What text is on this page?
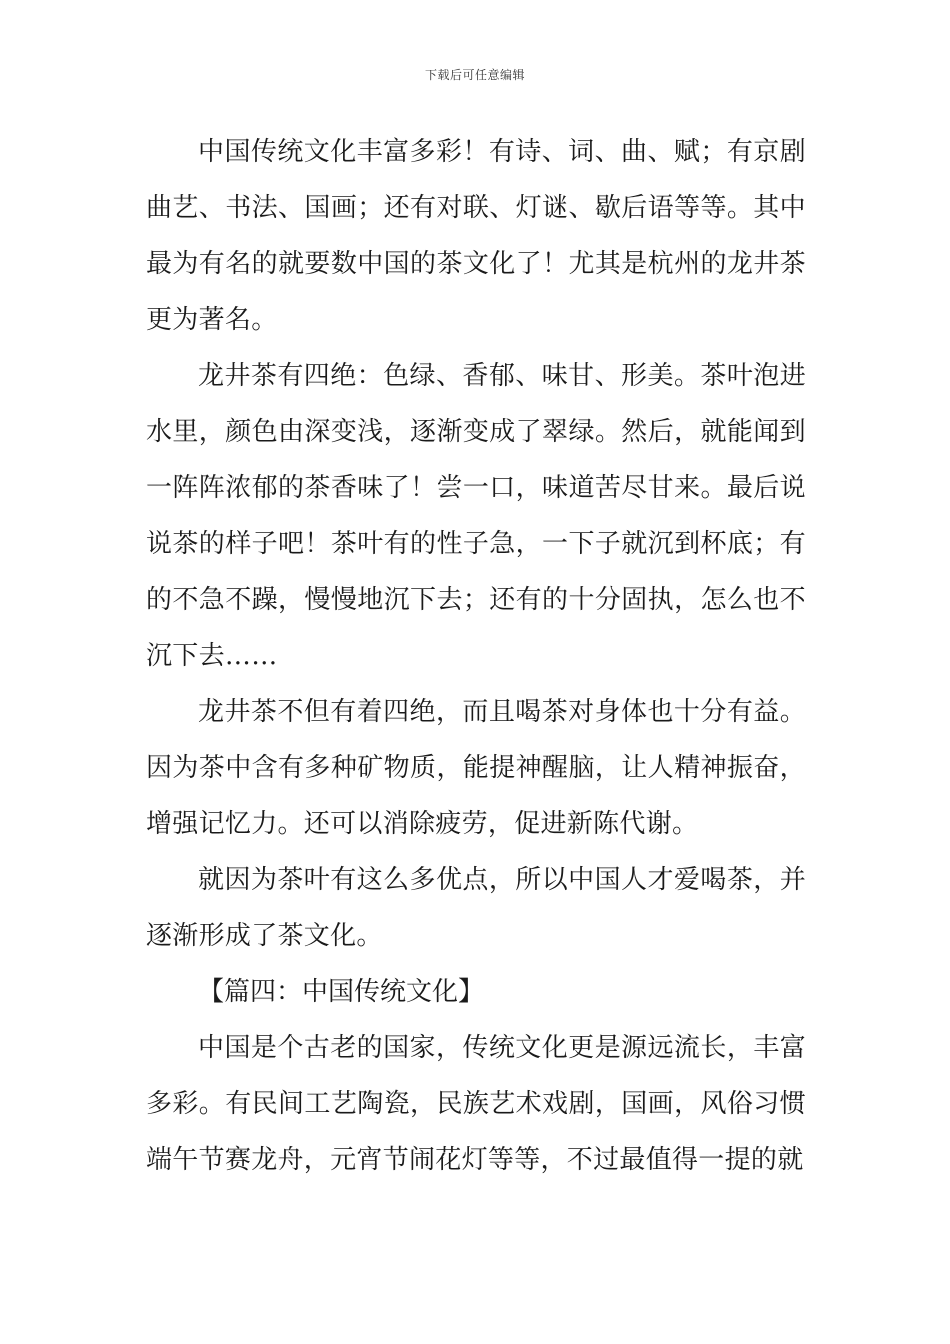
下载后可任意编辑

中国传统文化丰富多彩！有诗、词、曲、赋；有京剧曲艺、书法、国画；还有对联、灯谜、歇后语等等。其中最为有名的就要数中国的茶文化了！尤其是杭州的龙井茶更为著名。

龙井茶有四绝：色绿、香郁、味甘、形美。茶叶泡进水里，颜色由深变浅，逐渐变成了翠绿。然后，就能闻到一阵阵浓郁的茶香味了！尝一口，味道苦尽甘来。最后说说茶的样子吧！茶叶有的性子急，一下子就沉到杯底；有的不急不躁，慢慢地沉下去；还有的十分固执，怎么也不沉下去……

龙井茶不但有着四绝，而且喝茶对身体也十分有益。因为茶中含有多种矿物质，能提神醒脑，让人精神振奋，增强记忆力。还可以消除疲劳，促进新陈代谢。

就因为茶叶有这么多优点，所以中国人才爱喝茶，并逐渐形成了茶文化。

【篇四：中国传统文化】

中国是个古老的国家，传统文化更是源远流长，丰富多彩。有民间工艺陶瓷，民族艺术戏剧，国画，风俗习惯端午节赛龙舟，元宵节闹花灯等等，不过最值得一提的就
